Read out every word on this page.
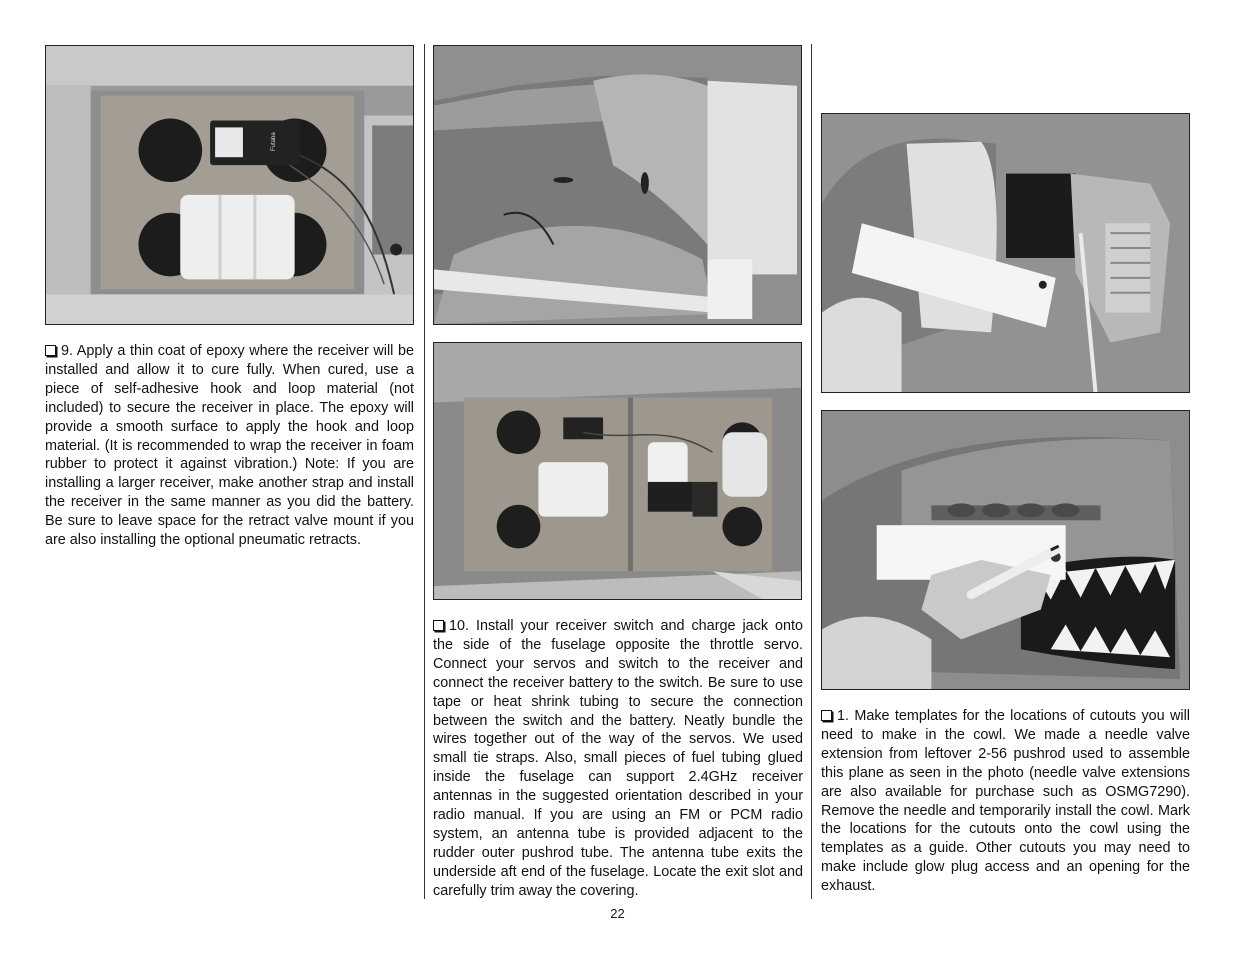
Futaba

9. Apply a thin coat of epoxy where the receiver will be installed and allow it to cure fully. When cured, use a piece of self-adhesive hook and loop material (not included) to secure the receiver in place. The epoxy will provide a smooth surface to apply the hook and loop material. (It is recommended to wrap the receiver in foam rubber to protect it against vibration.) Note: If you are installing a larger receiver, make another strap and install the receiver in the same manner as you did the battery. Be sure to leave space for the retract valve mount if you are also installing the optional pneumatic retracts.

10. Install your receiver switch and charge jack onto the side of the fuselage opposite the throttle servo. Connect your servos and switch to the receiver and connect the receiver battery to the switch. Be sure to use tape or heat shrink tubing to secure the connection between the switch and the battery. Neatly bundle the wires together out of the way of the servos. We used small tie straps. Also, small pieces of fuel tubing glued inside the fuselage can support 2.4GHz receiver antennas in the suggested orientation described in your radio manual. If you are using an FM or PCM radio system, an antenna tube is provided adjacent to the rudder outer pushrod tube. The antenna tube exits the underside aft end of the fuselage. Locate the exit slot and carefully trim away the covering.

1. Make templates for the locations of cutouts you will need to make in the cowl. We made a needle valve extension from leftover 2-56 pushrod used to assemble this plane as seen in the photo (needle valve extensions are also available for purchase such as OSMG7290). Remove the needle and temporarily install the cowl. Mark the locations for the cutouts onto the cowl using the templates as a guide. Other cutouts you may need to make include glow plug access and an opening for the exhaust.

22
